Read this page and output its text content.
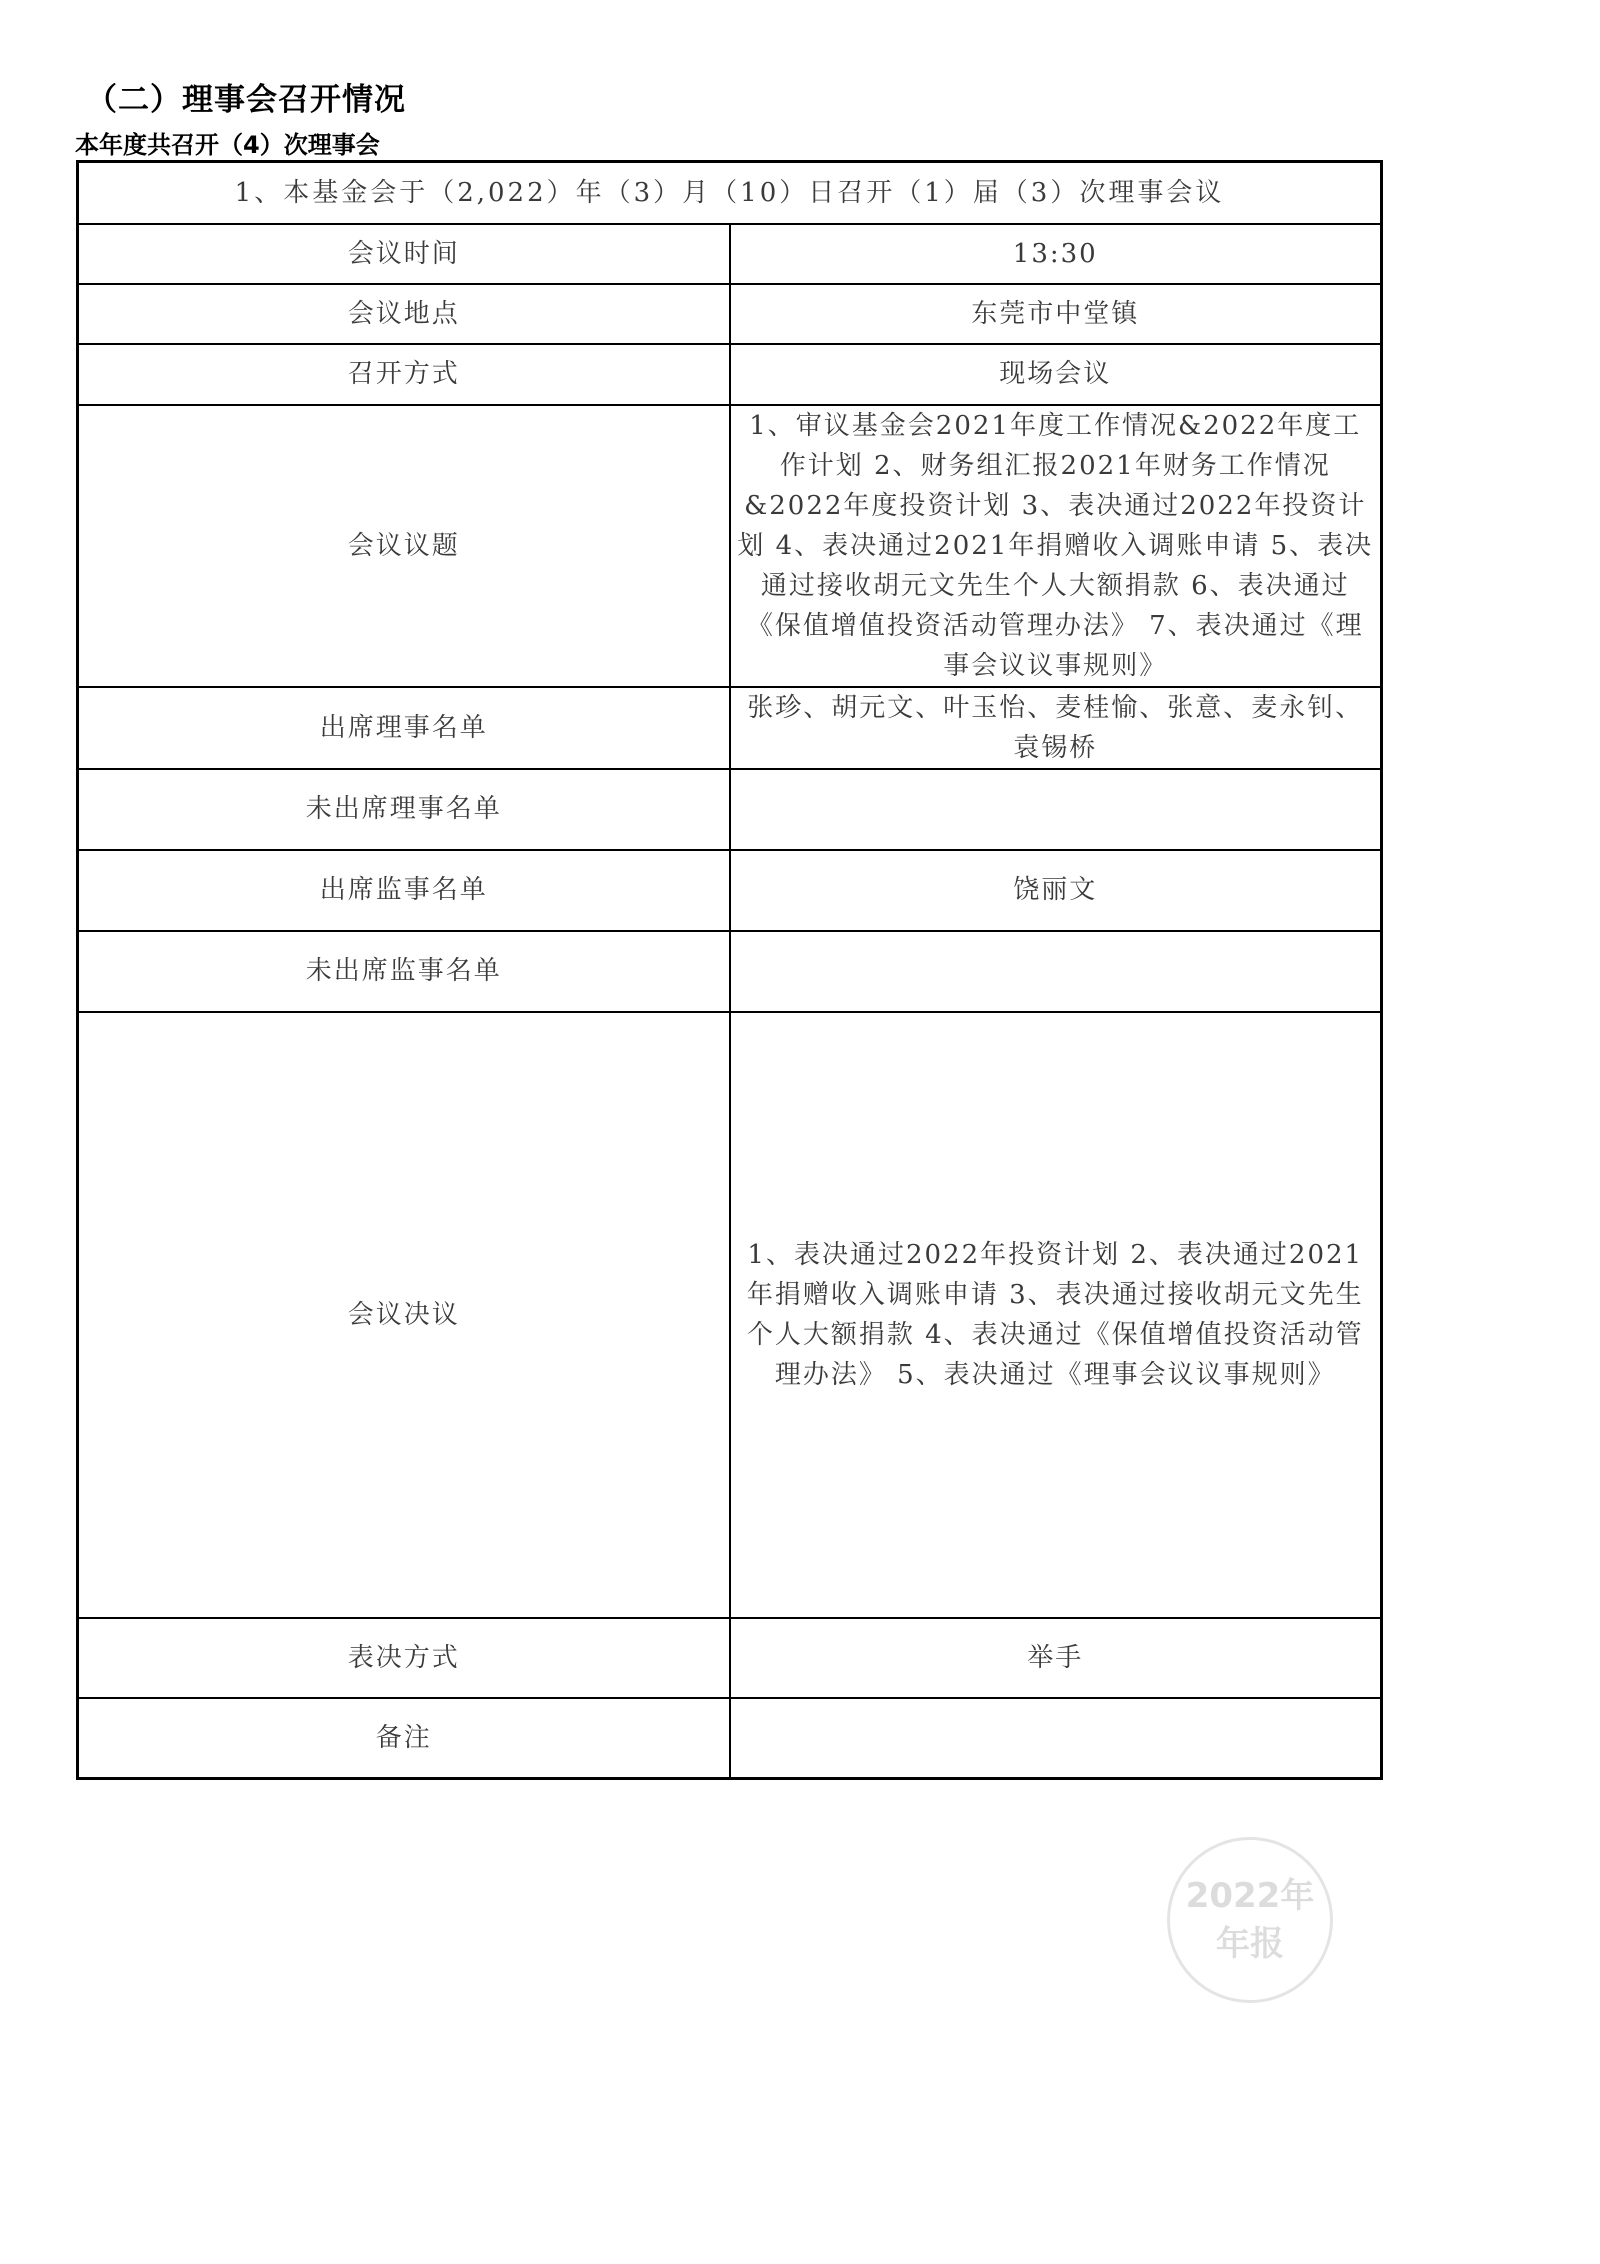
（二）理事会召开情况
本年度共召开（4）次理事会
1、本基金会于（2,022）年（3）月（10）日召开（1）届（3）次理事会议	
会议时间	13:30
会议地点	东莞市中堂镇
召开方式	现场会议
会议议题	1、审议基金会2021年度工作情况&2022年度工作计划 2、财务组汇报2021年财务工作情况&2022年度投资计划 3、表决通过2022年投资计划 4、表决通过2021年捐赠收入调账申请 5、表决通过接收胡元文先生个人大额捐款 6、表决通过《保值增值投资活动管理办法》 7、表决通过《理事会议议事规则》
出席理事名单	张珍、胡元文、叶玉怡、麦桂愉、张意、麦永钊、袁锡桥
未出席理事名单	
出席监事名单	饶丽文
未出席监事名单	
会议决议	1、表决通过2022年投资计划 2、表决通过2021年捐赠收入调账申请 3、表决通过接收胡元文先生个人大额捐款 4、表决通过《保值增值投资活动管理办法》 5、表决通过《理事会议议事规则》
表决方式	举手
备注	
2022年
年报
